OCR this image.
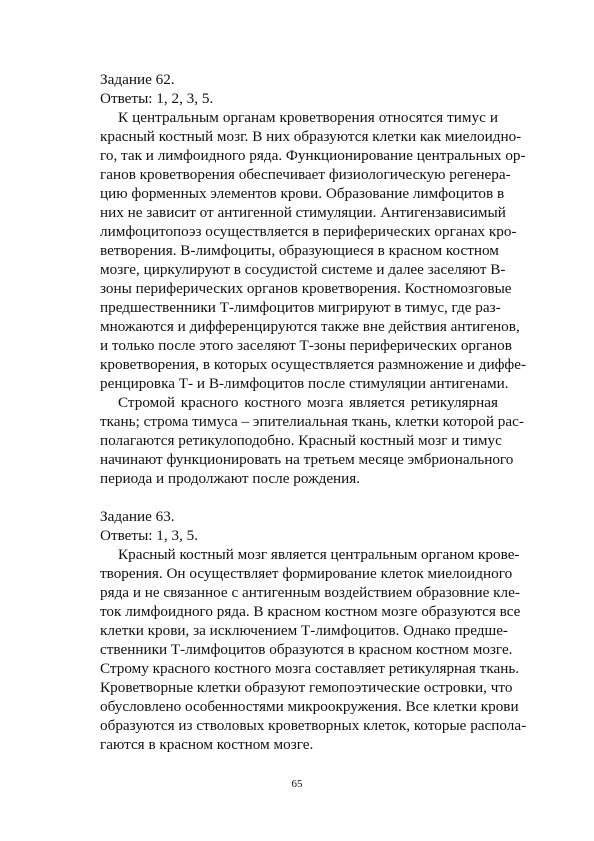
Задание 62.
Ответы: 1, 2, 3, 5.
К центральным органам кроветворения относятся тимус и
красный костный мозг. В них образуются клетки как миелоидно-
го, так и лимфоидного ряда. Функционирование центральных ор-
ганов кроветворения обеспечивает физиологическую регенера-
цию форменных элементов крови. Образование лимфоцитов в
них не зависит от антигенной стимуляции. Антигензависимый
лимфоцитопоэз осуществляется в периферических органах кро-
ветворения. В-лимфоциты, образующиеся в красном костном
мозге, циркулируют в сосудистой системе и далее заселяют В-
зоны периферических органов кроветворения. Костномозговые
предшественники Т-лимфоцитов мигрируют в тимус, где раз-
множаются и дифференцируются также вне действия антигенов,
и только после этого заселяют Т-зоны периферических органов
кроветворения, в которых осуществляется размножение и диффе-
ренцировка Т- и В-лимфоцитов после стимуляции антигенами.
Стромой красного костного мозга является ретикулярная
ткань; строма тимуса – эпителиальная ткань, клетки которой рас-
полагаются ретикулоподобно. Красный костный мозг и тимус
начинают функционировать на третьем месяце эмбрионального
периода и продолжают после рождения.
Задание 63.
Ответы: 1, 3, 5.
Красный костный мозг является центральным органом крове-
творения. Он осуществляет формирование клеток миелоидного
ряда и не связанное с антигенным воздействием образовние кле-
ток лимфоидного ряда. В красном костном мозге образуются все
клетки крови, за исключением Т-лимфоцитов. Однако предше-
ственники Т-лимфоцитов образуются в красном костном мозге.
Строму красного костного мозга составляет ретикулярная ткань.
Кроветворные клетки образуют гемопоэтические островки, что
обусловлено особенностями микроокружения. Все клетки крови
образуются из стволовых кроветворных клеток, которые распола-
гаются в красном костном мозге.
65
